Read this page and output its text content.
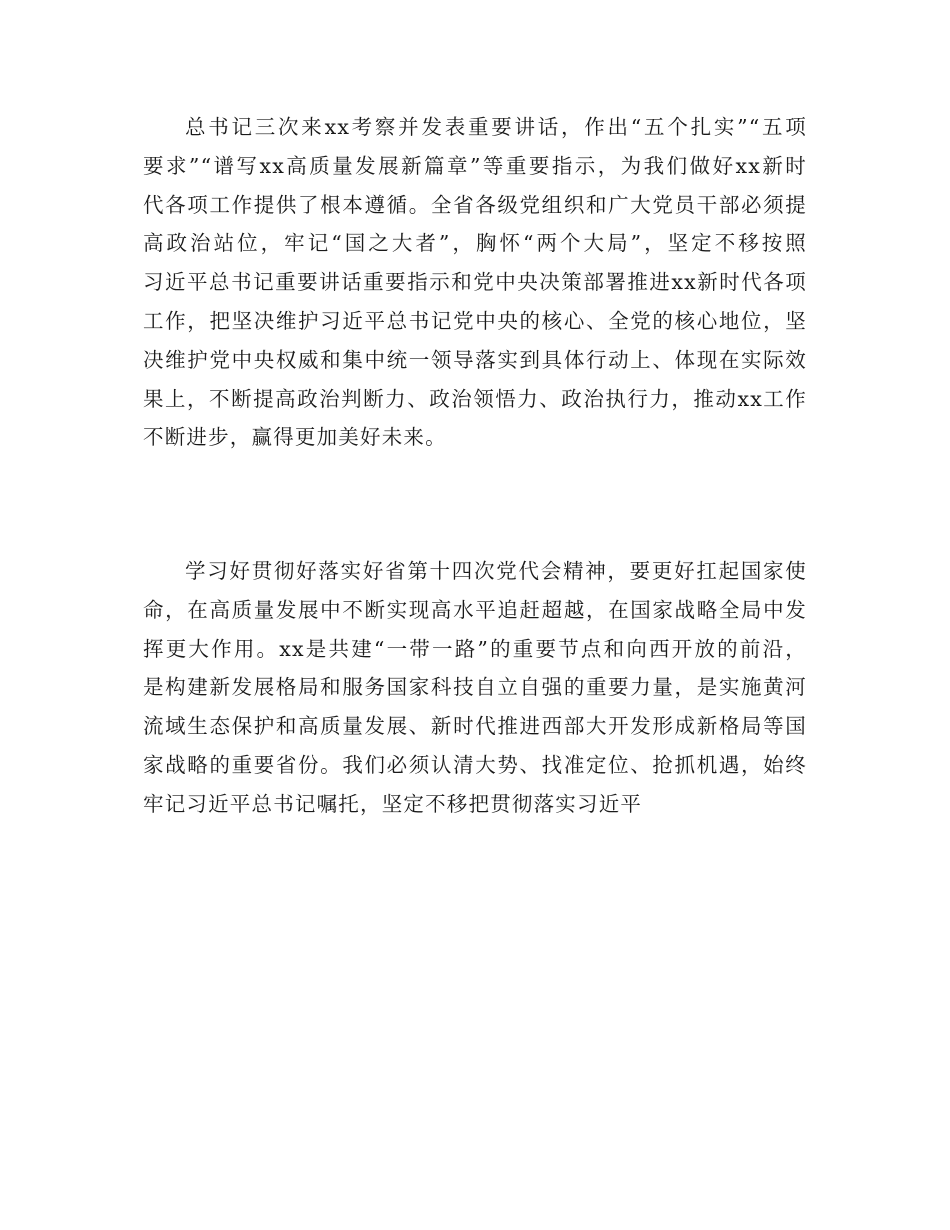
总书记三次来xx考察并发表重要讲话，作出“五个扎实”“五项
要求”“谱写xx高质量发展新篇章”等重要指示，为我们做好xx新时
代各项工作提供了根本遵循。全省各级党组织和广大党员干部必须提
高政治站位，牢记“国之大者”，胸怀“两个大局”，坚定不移按照
习近平总书记重要讲话重要指示和党中央决策部署推进xx新时代各项
工作，把坚决维护习近平总书记党中央的核心、全党的核心地位，坚
决维护党中央权威和集中统一领导落实到具体行动上、体现在实际效
果上，不断提高政治判断力、政治领悟力、政治执行力，推动xx工作
不断进步，赢得更加美好未来。
学习好贯彻好落实好省第十四次党代会精神，要更好扛起国家使
命，在高质量发展中不断实现高水平追赶超越，在国家战略全局中发
挥更大作用。xx是共建“一带一路”的重要节点和向西开放的前沿，
是构建新发展格局和服务国家科技自立自强的重要力量，是实施黄河
流域生态保护和高质量发展、新时代推进西部大开发形成新格局等国
家战略的重要省份。我们必须认清大势、找准定位、抢抓机遇，始终
牢记习近平总书记嘱托，坚定不移把贯彻落实习近平
